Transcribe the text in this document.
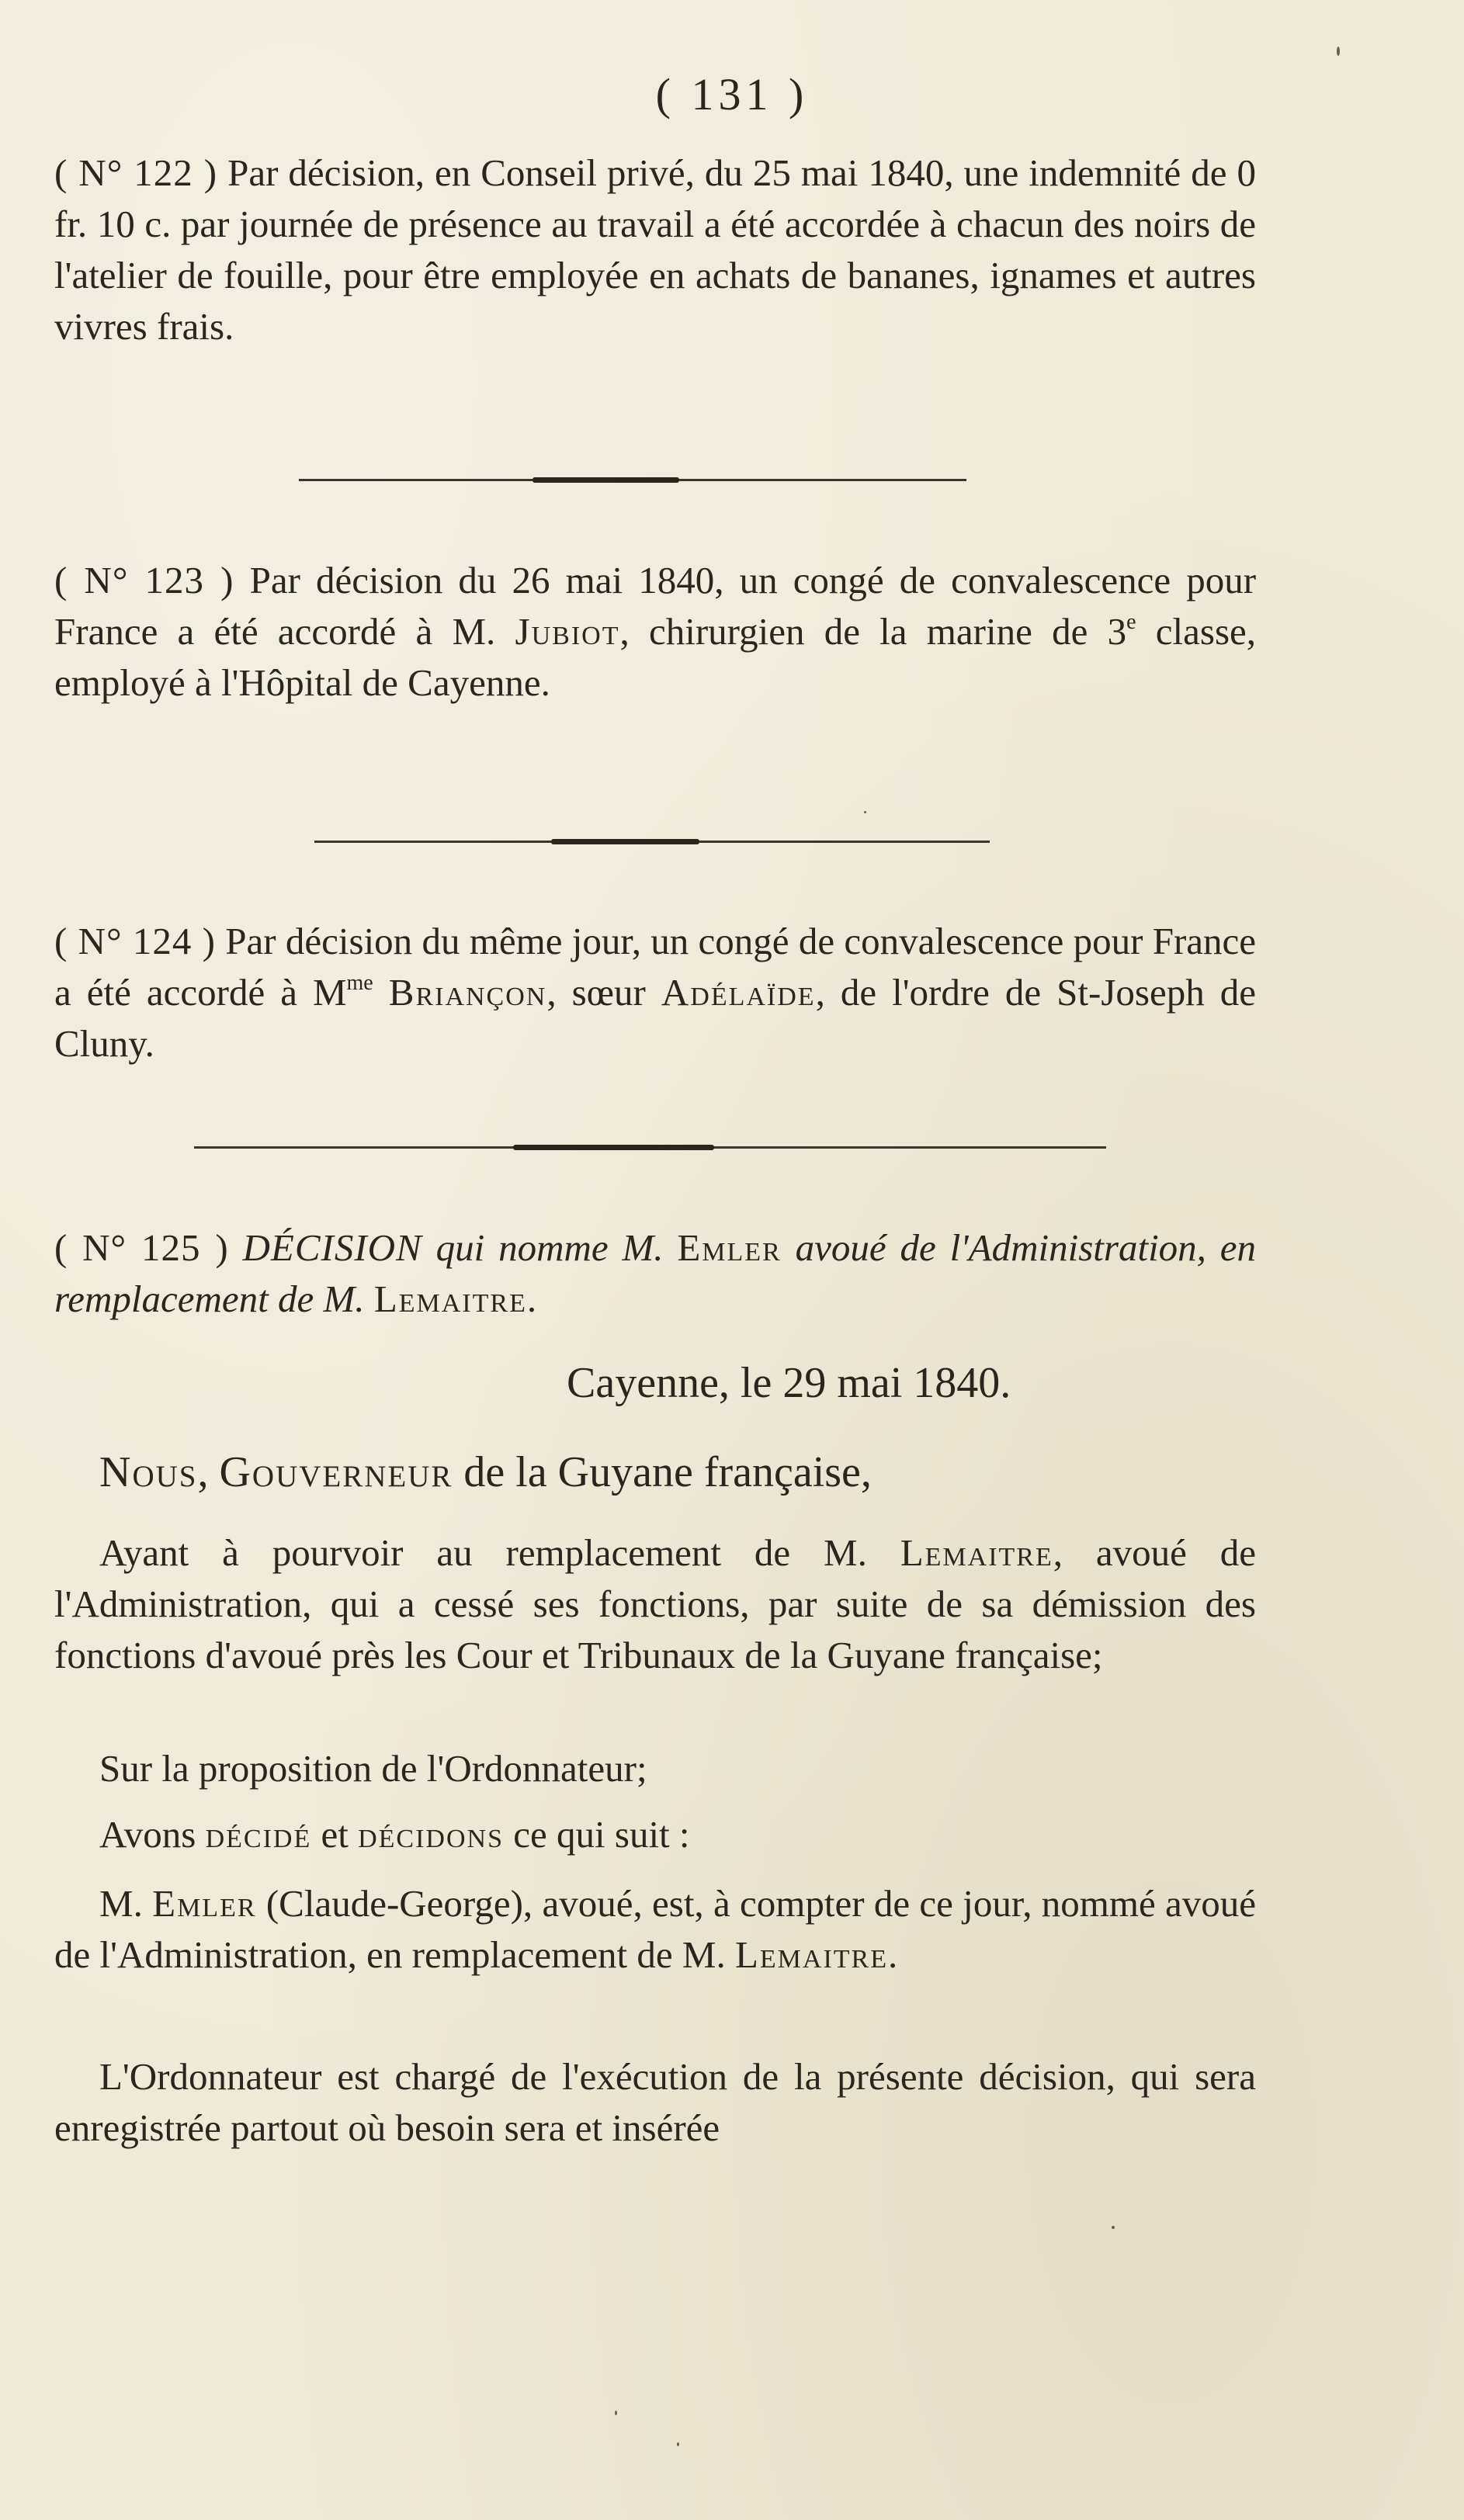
( 131 )

( N° 122 ) Par décision, en Conseil privé, du 25 mai 1840, une indemnité de 0 fr. 10 c. par journée de présence au travail a été accordée à chacun des noirs de l'atelier de fouille, pour être employée en achats de bananes, ignames et autres vivres frais.

( N° 123 ) Par décision du 26 mai 1840, un congé de convalescence pour France a été accordé à M. Jubiot, chirurgien de la marine de 3e classe, employé à l'Hôpital de Cayenne.

( N° 124 ) Par décision du même jour, un congé de convalescence pour France a été accordé à $M^{me}$ Briançon, sœur Adélaïde, de l'ordre de St-Joseph de Cluny.

( N° 125 ) DÉCISION qui nomme M. Emler avoué de l'Administration, en remplacement de M. Lemaitre.

Cayenne, le 29 mai 1840.
Nous, Gouverneur de la Guyane française,

Ayant à pourvoir au remplacement de M. Lemaitre, avoué de l'Administration, qui a cessé ses fonctions, par suite de sa démission des fonctions d'avoué près les Cour et Tribunaux de la Guyane française;

Sur la proposition de l'Ordonnateur;

Avons décidé et décidons ce qui suit :

M. Emler (Claude-George), avoué, est, à compter de ce jour, nommé avoué de l'Administration, en remplacement de M. Lemaitre.

L'Ordonnateur est chargé de l'exécution de la présente décision, qui sera enregistrée partout où besoin sera et insérée
